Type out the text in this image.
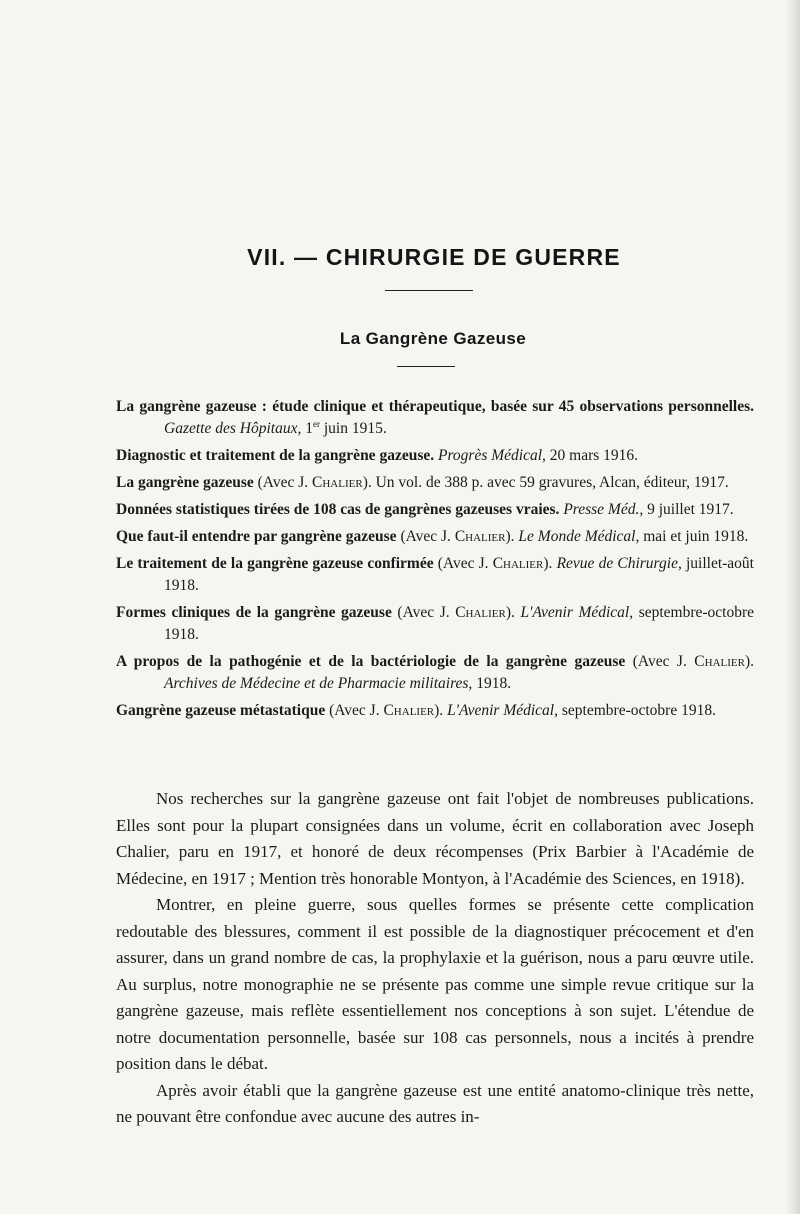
VII. — CHIRURGIE DE GUERRE
La Gangrène Gazeuse
La gangrène gazeuse : étude clinique et thérapeutique, basée sur 45 observations personnelles. Gazette des Hôpitaux, 1er juin 1915.
Diagnostic et traitement de la gangrène gazeuse. Progrès Médical, 20 mars 1916.
La gangrène gazeuse (Avec J. Chalier). Un vol. de 388 p. avec 59 gravures, Alcan, éditeur, 1917.
Données statistiques tirées de 108 cas de gangrènes gazeuses vraies. Presse Méd., 9 juillet 1917.
Que faut-il entendre par gangrène gazeuse (Avec J. Chalier). Le Monde Médical, mai et juin 1918.
Le traitement de la gangrène gazeuse confirmée (Avec J. Chalier). Revue de Chirurgie, juillet-août 1918.
Formes cliniques de la gangrène gazeuse (Avec J. Chalier). L'Avenir Médical, septembre-octobre 1918.
A propos de la pathogénie et de la bactériologie de la gangrène gazeuse (Avec J. Chalier). Archives de Médecine et de Pharmacie militaires, 1918.
Gangrène gazeuse métastatique (Avec J. Chalier). L'Avenir Médical, septembre-octobre 1918.

Nos recherches sur la gangrène gazeuse ont fait l'objet de nombreuses publications. Elles sont pour la plupart consignées dans un volume, écrit en collaboration avec Joseph Chalier, paru en 1917, et honoré de deux récompenses (Prix Barbier à l'Académie de Médecine, en 1917 ; Mention très honorable Montyon, à l'Académie des Sciences, en 1918).

Montrer, en pleine guerre, sous quelles formes se présente cette complication redoutable des blessures, comment il est possible de la diagnostiquer précocement et d'en assurer, dans un grand nombre de cas, la prophylaxie et la guérison, nous a paru œuvre utile. Au surplus, notre monographie ne se présente pas comme une simple revue critique sur la gangrène gazeuse, mais reflète essentiellement nos conceptions à son sujet. L'étendue de notre documentation personnelle, basée sur 108 cas personnels, nous a incités à prendre position dans le débat.

Après avoir établi que la gangrène gazeuse est une entité anatomo-clinique très nette, ne pouvant être confondue avec aucune des autres in-
